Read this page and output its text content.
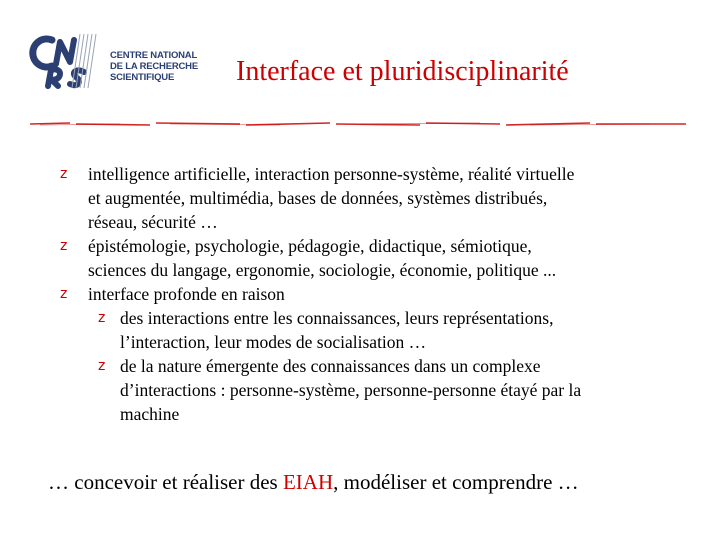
CENTRE NATIONAL
DE LA RECHERCHE
SCIENTIFIQUE	Interface et pluridisciplinarité
z intelligence artificielle, interaction personne-système, réalité virtuelle
et augmentée, multimédia, bases de données, systèmes distribués,
réseau, sécurité …
z épistémologie, psychologie, pédagogie, didactique, sémiotique,
sciences du langage, ergonomie, sociologie, économie, politique ...
z interface profonde en raison
z des interactions entre les connaissances, leurs représentations,
l’interaction, leur modes de socialisation …
z de la nature émergente des connaissances dans un complexe
d’interactions : personne-système, personne-personne étayé par la
machine
… concevoir et réaliser des EIAH, modéliser et comprendre …
